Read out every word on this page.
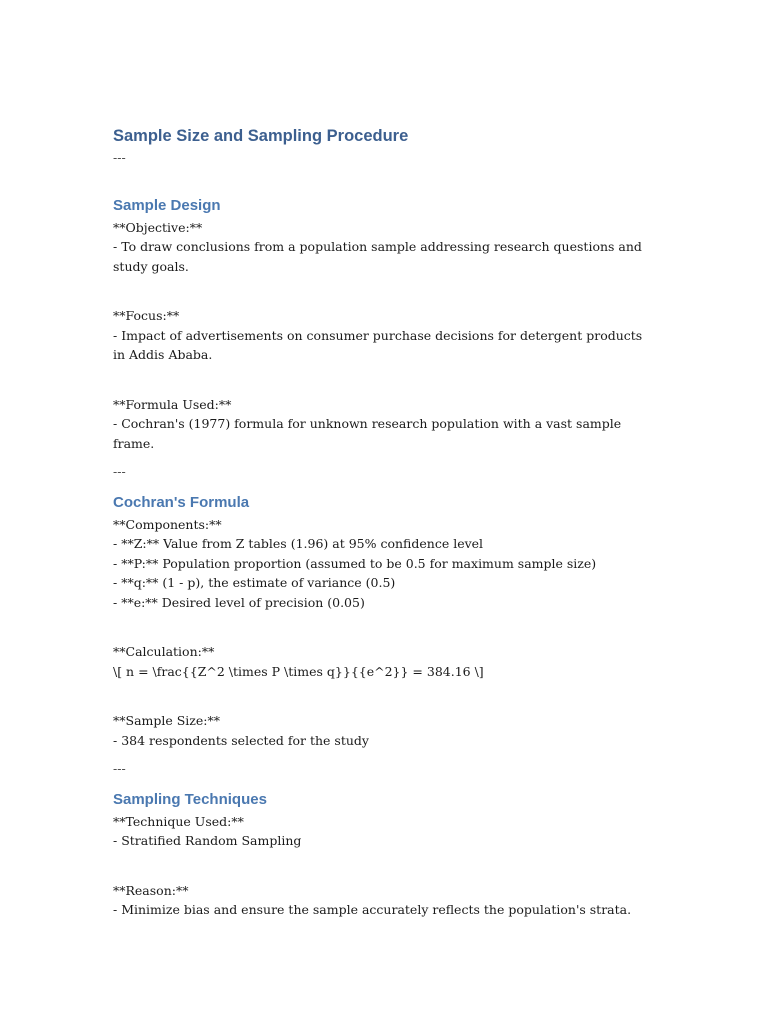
Sample Size and Sampling Procedure
---
Sample Design
**Objective:**
- To draw conclusions from a population sample addressing research questions and study goals.
**Focus:**
- Impact of advertisements on consumer purchase decisions for detergent products in Addis Ababa.
**Formula Used:**
- Cochran's (1977) formula for unknown research population with a vast sample frame.
---
Cochran's Formula
**Components:**
- **Z:** Value from Z tables (1.96) at 95% confidence level
- **P:** Population proportion (assumed to be 0.5 for maximum sample size)
- **q:** (1 - p), the estimate of variance (0.5)
- **e:** Desired level of precision (0.05)
**Calculation:**
\[ n = \frac{{Z^2 \times P \times q}}{{e^2}} = 384.16 \]
**Sample Size:**
- 384 respondents selected for the study
---
Sampling Techniques
**Technique Used:**
- Stratified Random Sampling
**Reason:**
- Minimize bias and ensure the sample accurately reflects the population's strata.
